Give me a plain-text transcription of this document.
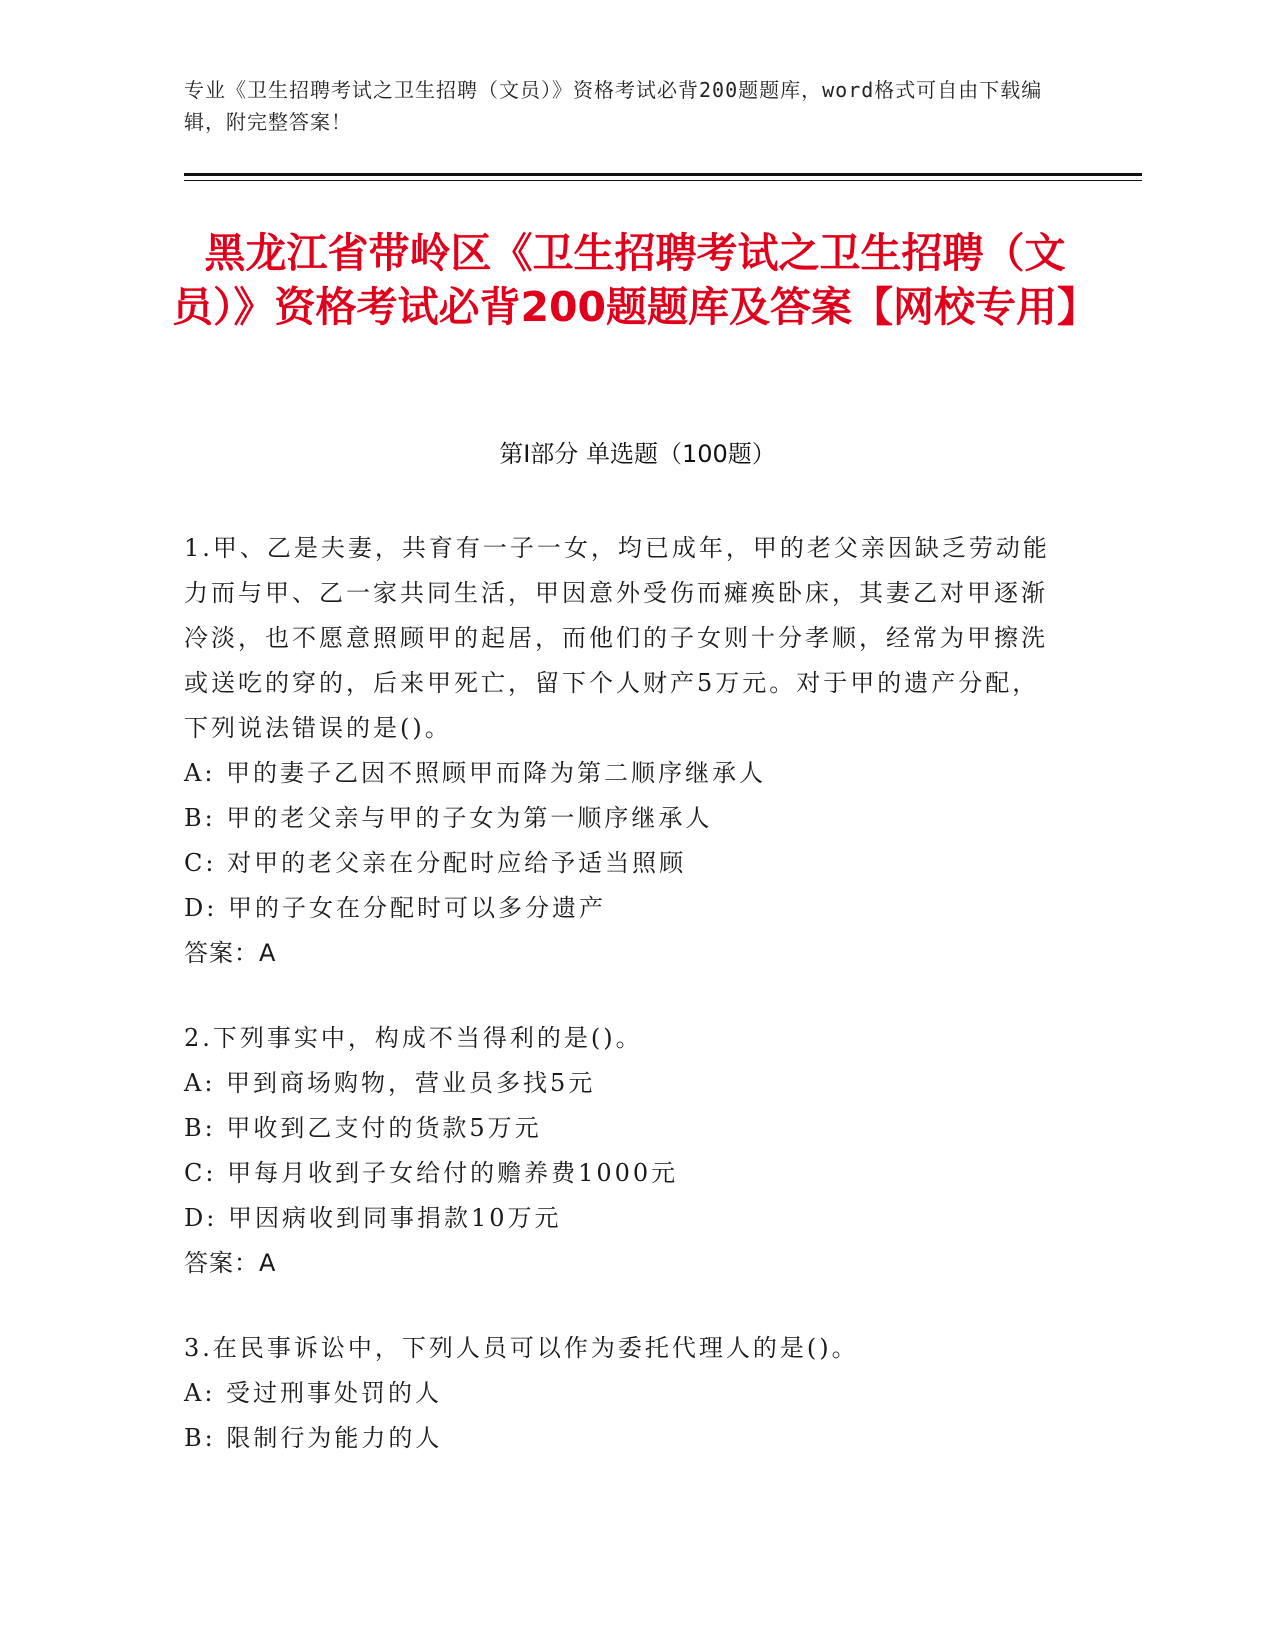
专业《卫生招聘考试之卫生招聘（文员）》资格考试必背200题题库，word格式可自由下载编辑，附完整答案！
黑龙江省带岭区《卫生招聘考试之卫生招聘（文员）》资格考试必背200题题库及答案【网校专用】
第Ⅰ部分 单选题（100题）
1.甲、乙是夫妻，共育有一子一女，均已成年，甲的老父亲因缺乏劳动能力而与甲、乙一家共同生活，甲因意外受伤而瘫痪卧床，其妻乙对甲逐渐冷淡，也不愿意照顾甲的起居，而他们的子女则十分孝顺，经常为甲擦洗或送吃的穿的，后来甲死亡，留下个人财产5万元。对于甲的遗产分配，下列说法错误的是()。
A: 甲的妻子乙因不照顾甲而降为第二顺序继承人
B: 甲的老父亲与甲的子女为第一顺序继承人
C: 对甲的老父亲在分配时应给予适当照顾
D: 甲的子女在分配时可以多分遗产
答案：A
2.下列事实中，构成不当得利的是()。
A: 甲到商场购物，营业员多找5元
B: 甲收到乙支付的货款5万元
C: 甲每月收到子女给付的赡养费1000元
D: 甲因病收到同事捐款10万元
答案：A
3.在民事诉讼中，下列人员可以作为委托代理人的是()。
A: 受过刑事处罚的人
B: 限制行为能力的人
